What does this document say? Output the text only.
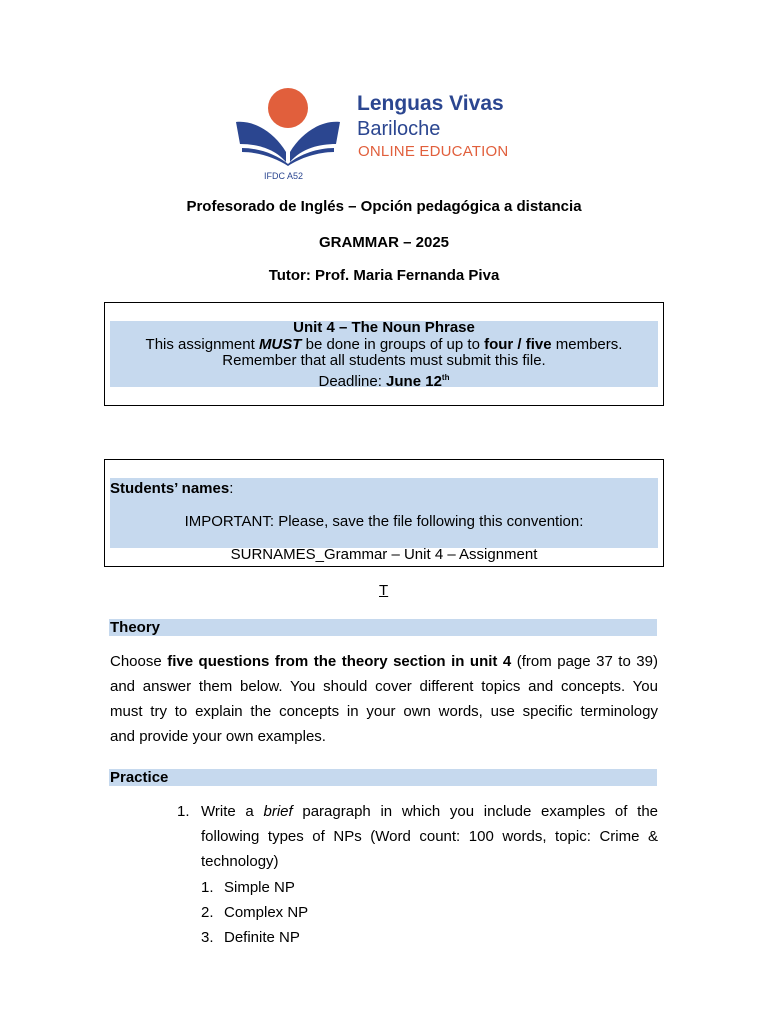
Lenguas Vivas
Bariloche
ONLINE EDUCATION
IFDC A52
Profesorado de Inglés – Opción pedagógica a distancia
GRAMMAR – 2025
Tutor: Prof. Maria Fernanda Piva
Unit 4 – The Noun Phrase
This assignment MUST be done in groups of up to four / five members.
Remember that all students must submit this file.
Deadline: June 12th
Students’ names:
IMPORTANT: Please, save the file following this convention:
SURNAMES_Grammar – Unit 4 – Assignment
T
Theory
Choose five questions from the theory section in unit 4 (from page 37 to 39)
and answer them below. You should cover different topics and concepts. You
must try to explain the concepts in your own words, use specific terminology
and provide your own examples.
Practice
1. Write a brief paragraph in which you include examples of the
following types of NPs (Word count: 100 words, topic: Crime &
technology)
1. Simple NP
2. Complex NP
3. Definite NP
